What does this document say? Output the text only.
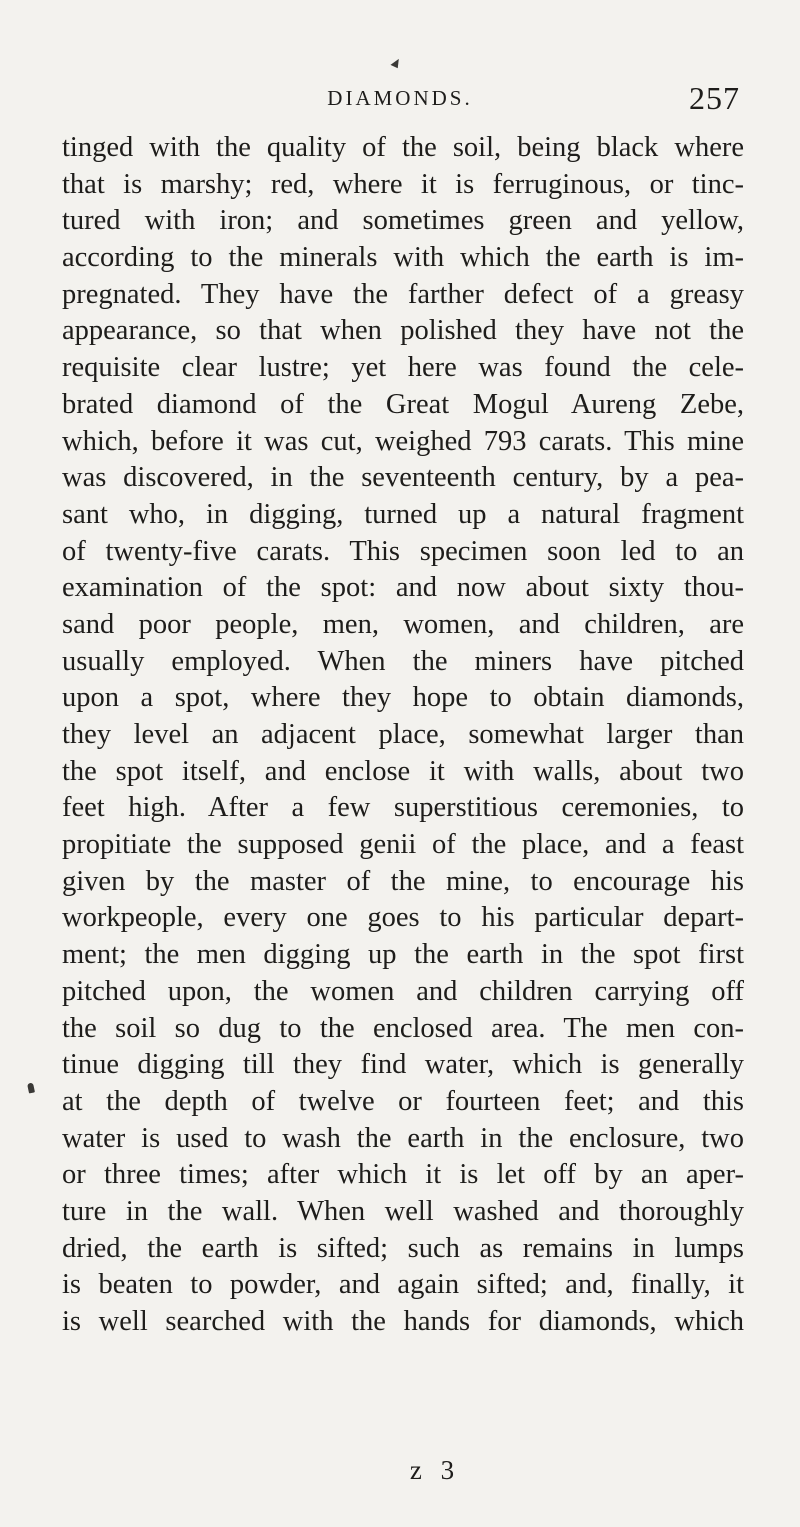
DIAMONDS.	257
tinged with the quality of the soil, being black where
that is marshy; red, where it is ferruginous, or tinc-
tured with iron; and sometimes green and yellow,
according to the minerals with which the earth is im-
pregnated. They have the farther defect of a greasy
appearance, so that when polished they have not the
requisite clear lustre; yet here was found the cele-
brated diamond of the Great Mogul Aureng Zebe,
which, before it was cut, weighed 793 carats. This mine
was discovered, in the seventeenth century, by a pea-
sant who, in digging, turned up a natural fragment
of twenty-five carats. This specimen soon led to an
examination of the spot: and now about sixty thou-
sand poor people, men, women, and children, are
usually employed. When the miners have pitched
upon a spot, where they hope to obtain diamonds,
they level an adjacent place, somewhat larger than
the spot itself, and enclose it with walls, about two
feet high. After a few superstitious ceremonies, to
propitiate the supposed genii of the place, and a feast
given by the master of the mine, to encourage his
workpeople, every one goes to his particular depart-
ment; the men digging up the earth in the spot first
pitched upon, the women and children carrying off
the soil so dug to the enclosed area. The men con-
tinue digging till they find water, which is generally
at the depth of twelve or fourteen feet; and this
water is used to wash the earth in the enclosure, two
or three times; after which it is let off by an aper-
ture in the wall. When well washed and thoroughly
dried, the earth is sifted; such as remains in lumps
is beaten to powder, and again sifted; and, finally, it
is well searched with the hands for diamonds, which
z 3
